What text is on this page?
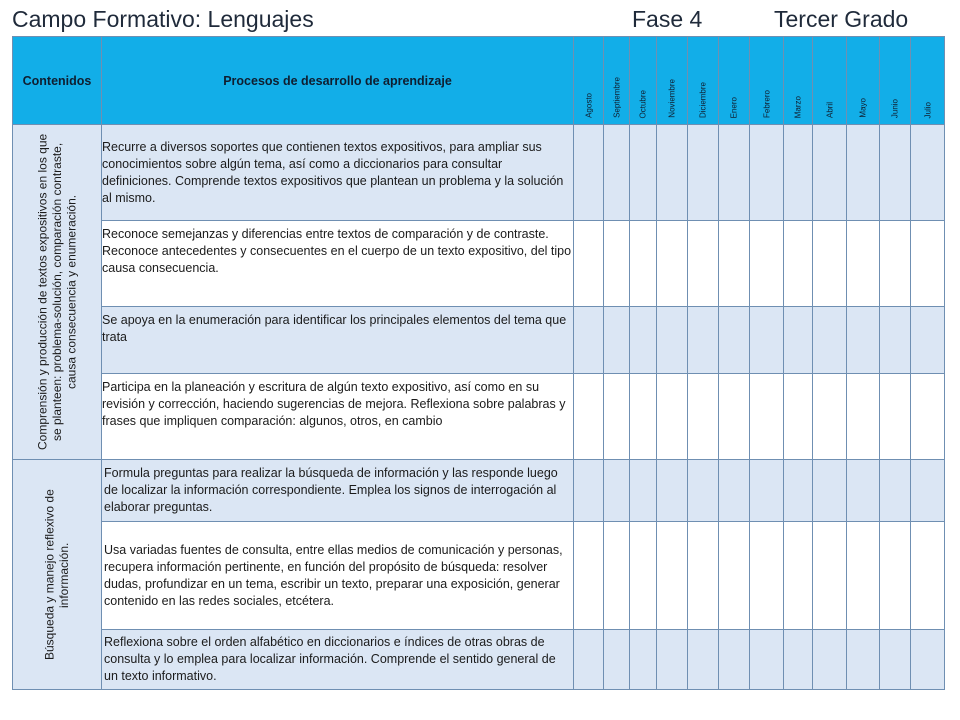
Campo Formativo: Lenguajes	Fase 4	Tercer Grado
Contenidos	Procesos de desarrollo de aprendizaje	Agosto	Septiembre	Octubre	Noviembre	Diciembre	Enero	Febrero	Marzo	Abril	Mayo	Junio	Julio

Comprensión y producción de textos expositivos en los que se planteen: problema-solución, comparación contraste, causa consecuencia y enumeración.	Recurre a diversos soportes que contienen textos expositivos, para ampliar sus conocimientos sobre algún tema, así como a diccionarios para consultar definiciones. Comprende textos expositivos que plantean un problema y la solución al mismo.												
	Reconoce semejanzas y diferencias entre textos de comparación y de contraste. Reconoce antecedentes y consecuentes en el cuerpo de un texto expositivo, del tipo causa consecuencia.												
	Se apoya en la enumeración para identificar los principales elementos del tema que trata												
	Participa en la planeación y escritura de algún texto expositivo, así como en su revisión y corrección, haciendo sugerencias de mejora. Reflexiona sobre palabras y frases que impliquen comparación: algunos, otros, en cambio												

Búsqueda y manejo reflexivo de información.	Formula preguntas para realizar la búsqueda de información y las responde luego de localizar la información correspondiente. Emplea los signos de interrogación al elaborar preguntas.												
	Usa variadas fuentes de consulta, entre ellas medios de comunicación y personas, recupera información pertinente, en función del propósito de búsqueda: resolver dudas, profundizar en un tema, escribir un texto, preparar una exposición, generar contenido en las redes sociales, etcétera.												
	Reflexiona sobre el orden alfabético en diccionarios e índices de otras obras de consulta y lo emplea para localizar información. Comprende el sentido general de un texto informativo.												
